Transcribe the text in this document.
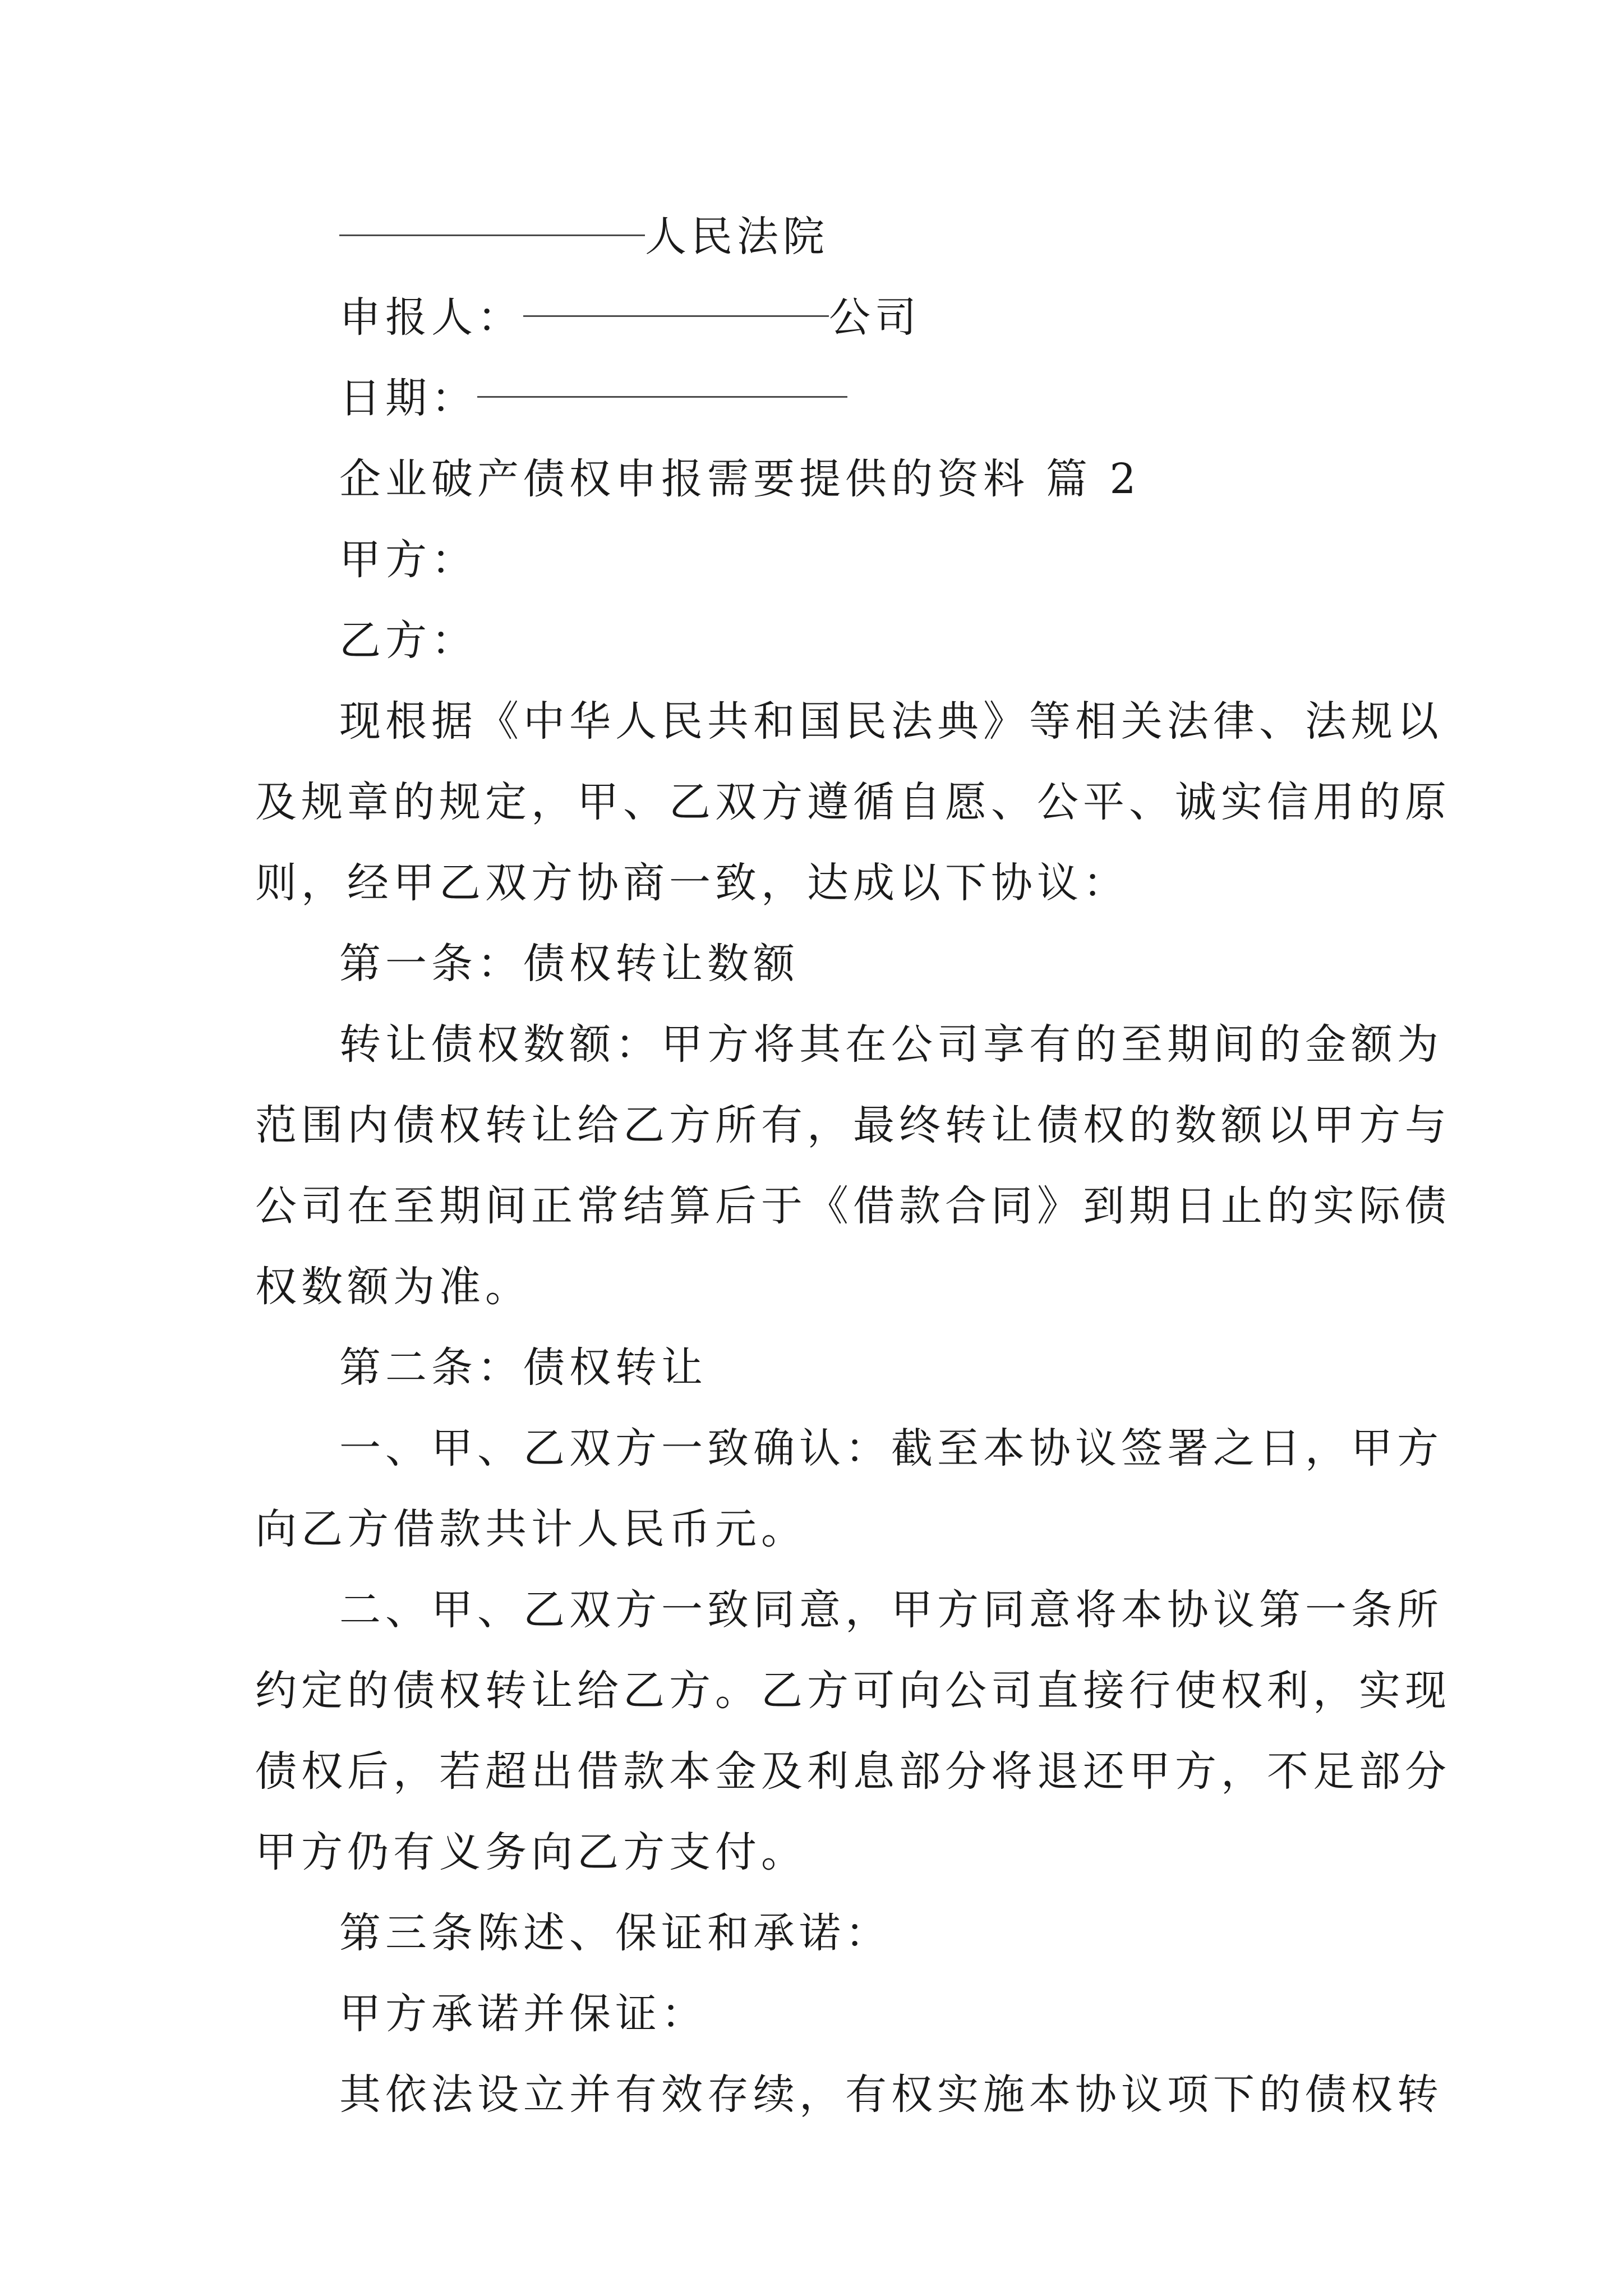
人民法院
申报人：	公司
日期：
企业破产债权申报需要提供的资料 篇 2
甲方：
乙方：
现根据《中华人民共和国民法典》等相关法律、法规以
及规章的规定，甲、乙双方遵循自愿、公平、诚实信用的原
则，经甲乙双方协商一致，达成以下协议：
第一条：债权转让数额
转让债权数额：甲方将其在公司享有的至期间的金额为
范围内债权转让给乙方所有，最终转让债权的数额以甲方与
公司在至期间正常结算后于《借款合同》到期日止的实际债
权数额为准。
第二条：债权转让
一、甲、乙双方一致确认：截至本协议签署之日，甲方
向乙方借款共计人民币元。
二、甲、乙双方一致同意，甲方同意将本协议第一条所
约定的债权转让给乙方。乙方可向公司直接行使权利，实现
债权后，若超出借款本金及利息部分将退还甲方，不足部分
甲方仍有义务向乙方支付。
第三条陈述、保证和承诺：
甲方承诺并保证：
其依法设立并有效存续，有权实施本协议项下的债权转
